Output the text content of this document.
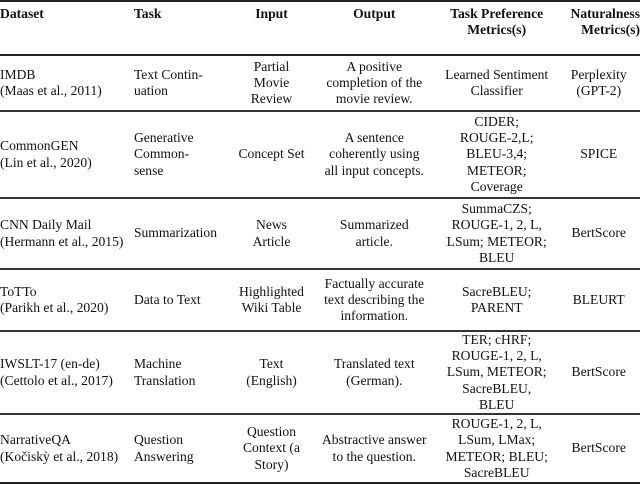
Dataset	Task	Input	Output	Task Preference
Metrics(s)	Naturalness
Metrics(s)

IMDB
(Maas et al., 2011)	Text Contin-
uation	Partial
Movie
Review	A positive
completion of the
movie review.	Learned Sentiment
Classifier	Perplexity
(GPT-2)

CommonGEN
(Lin et al., 2020)	Generative
Common-
sense	Concept Set	A sentence
coherently using
all input concepts.	CIDER;
ROUGE-2,L;
BLEU-3,4;
METEOR;
Coverage	SPICE

CNN Daily Mail
(Hermann et al., 2015)	Summarization	News
Article	Summarized
article.	SummaCZS;
ROUGE-1, 2, L,
LSum; METEOR;
BLEU	BertScore

ToTTo
(Parikh et al., 2020)	Data to Text	Highlighted
Wiki Table	Factually accurate
text describing the
information.	SacreBLEU;
PARENT	BLEURT

IWSLT-17 (en-de)
(Cettolo et al., 2017)	Machine
Translation	Text
(English)	Translated text
(German).	TER; cHRF;
ROUGE-1, 2, L,
LSum, METEOR;
SacreBLEU,
BLEU	BertScore

NarrativeQA
(Kočiskỳ et al., 2018)	Question
Answering	Question
Context (a
Story)	Abstractive answer
to the question.	ROUGE-1, 2, L,
LSum, LMax;
METEOR; BLEU;
SacreBLEU	BertScore
